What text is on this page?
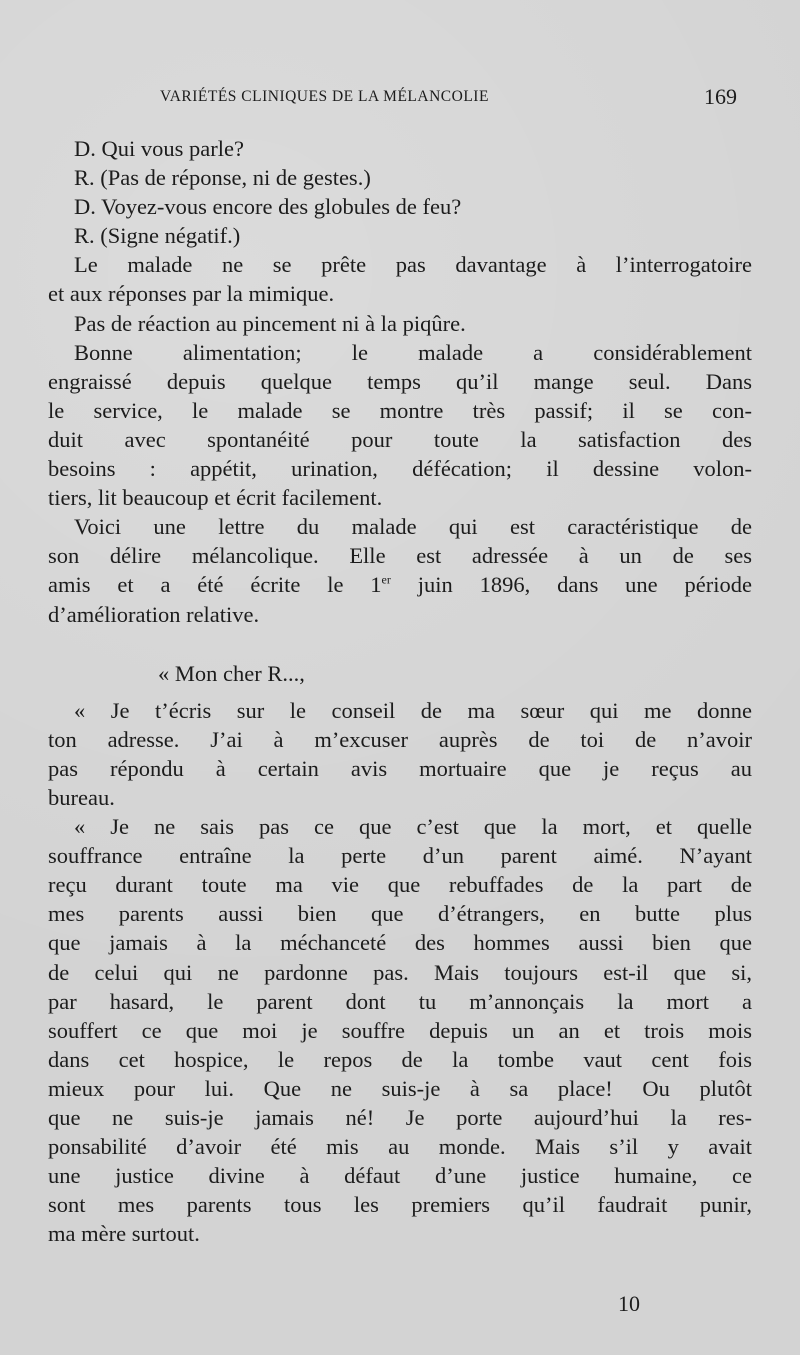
VARIÉTÉS CLINIQUES DE LA MÉLANCOLIE	169
D. Qui vous parle?
R. (Pas de réponse, ni de gestes.)
D. Voyez-vous encore des globules de feu?
R. (Signe négatif.)
Le malade ne se prête pas davantage à l’interrogatoire
et aux réponses par la mimique.
Pas de réaction au pincement ni à la piqûre.
Bonne alimentation; le malade a considérablement
engraissé depuis quelque temps qu’il mange seul. Dans
le service, le malade se montre très passif; il se con-
duit avec spontanéité pour toute la satisfaction des
besoins : appétit, urination, défécation; il dessine volon-
tiers, lit beaucoup et écrit facilement.
Voici une lettre du malade qui est caractéristique de
son délire mélancolique. Elle est adressée à un de ses
amis et a été écrite le 1er juin 1896, dans une période
d’amélioration relative.
« Mon cher R...,
« Je t’écris sur le conseil de ma sœur qui me donne
ton adresse. J’ai à m’excuser auprès de toi de n’avoir
pas répondu à certain avis mortuaire que je reçus au
bureau.
« Je ne sais pas ce que c’est que la mort, et quelle
souffrance entraîne la perte d’un parent aimé. N’ayant
reçu durant toute ma vie que rebuffades de la part de
mes parents aussi bien que d’étrangers, en butte plus
que jamais à la méchanceté des hommes aussi bien que
de celui qui ne pardonne pas. Mais toujours est-il que si,
par hasard, le parent dont tu m’annonçais la mort a
souffert ce que moi je souffre depuis un an et trois mois
dans cet hospice, le repos de la tombe vaut cent fois
mieux pour lui. Que ne suis-je à sa place! Ou plutôt
que ne suis-je jamais né! Je porte aujourd’hui la res-
ponsabilité d’avoir été mis au monde. Mais s’il y avait
une justice divine à défaut d’une justice humaine, ce
sont mes parents tous les premiers qu’il faudrait punir,
ma mère surtout.
10
